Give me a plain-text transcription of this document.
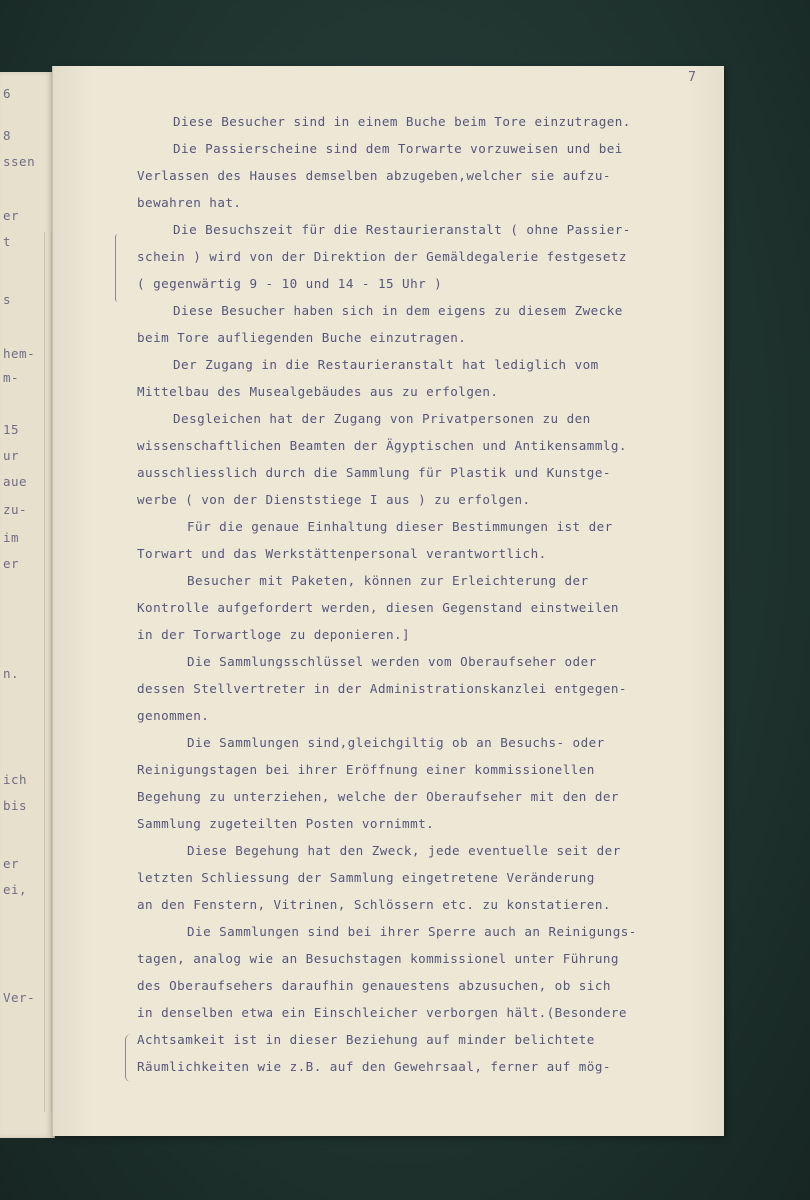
6
8
ssen
er
t
s
hem-
m-
15
ur
aue
zu-
im
er
n.
ich
bis
er
ei,
Ver-
7
Diese Besucher sind in einem Buche beim Tore einzutragen.
Die Passierscheine sind dem Torwarte vorzuweisen und bei
Verlassen des Hauses demselben abzugeben,welcher sie aufzu-
bewahren hat.
Die Besuchszeit für die Restaurieranstalt ( ohne Passier-
schein ) wird von der Direktion der Gemäldegalerie festgesetz
( gegenwärtig 9 - 10 und 14 - 15 Uhr )
Diese Besucher haben sich in dem eigens zu diesem Zwecke
beim Tore aufliegenden Buche einzutragen.
Der Zugang in die Restaurieranstalt hat lediglich vom
Mittelbau des Musealgebäudes aus zu erfolgen.
Desgleichen hat der Zugang von Privatpersonen zu den
wissenschaftlichen Beamten der Ägyptischen und Antikensammlg.
ausschliesslich durch die Sammlung für Plastik und Kunstge-
werbe ( von der Dienststiege I aus ) zu erfolgen.
Für die genaue Einhaltung dieser Bestimmungen ist der
Torwart und das Werkstättenpersonal verantwortlich.
Besucher mit Paketen, können zur Erleichterung der
Kontrolle aufgefordert werden, diesen Gegenstand einstweilen
in der Torwartloge zu deponieren.]
Die Sammlungsschlüssel werden vom Oberaufseher oder
dessen Stellvertreter in der Administrationskanzlei entgegen-
genommen.
Die Sammlungen sind,gleichgiltig ob an Besuchs- oder
Reinigungstagen bei ihrer Eröffnung einer kommissionellen
Begehung zu unterziehen, welche der Oberaufseher mit den der
Sammlung zugeteilten Posten vornimmt.
Diese Begehung hat den Zweck, jede eventuelle seit der
letzten Schliessung der Sammlung eingetretene Veränderung
an den Fenstern, Vitrinen, Schlössern etc. zu konstatieren.
Die Sammlungen sind bei ihrer Sperre auch an Reinigungs-
tagen, analog wie an Besuchstagen kommissionel unter Führung
des Oberaufsehers daraufhin genauestens abzusuchen, ob sich
in denselben etwa ein Einschleicher verborgen hält.(Besondere
Achtsamkeit ist in dieser Beziehung auf minder belichtete
Räumlichkeiten wie z.B. auf den Gewehrsaal, ferner auf mög-
